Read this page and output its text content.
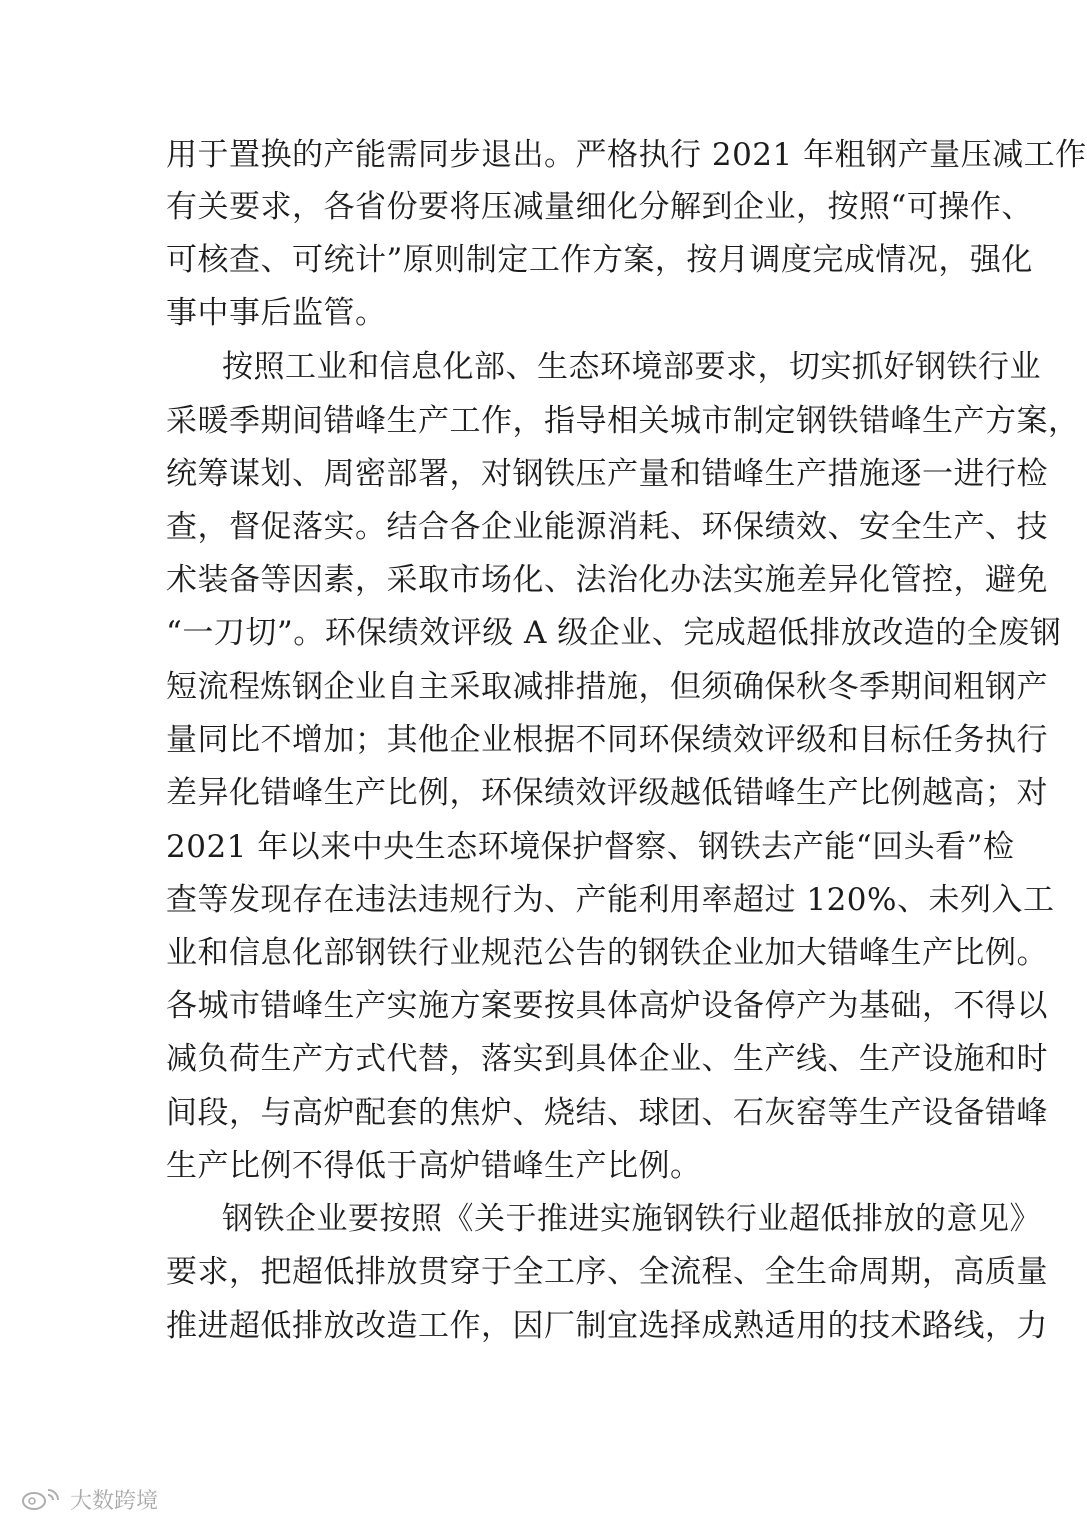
用于置换的产能需同步退出。严格执行 2021 年粗钢产量压减工作
有关要求，各省份要将压减量细化分解到企业，按照“可操作、
可核查、可统计”原则制定工作方案，按月调度完成情况，强化
事中事后监管。
按照工业和信息化部、生态环境部要求，切实抓好钢铁行业
采暖季期间错峰生产工作，指导相关城市制定钢铁错峰生产方案，
统筹谋划、周密部署，对钢铁压产量和错峰生产措施逐一进行检
查，督促落实。结合各企业能源消耗、环保绩效、安全生产、技
术装备等因素，采取市场化、法治化办法实施差异化管控，避免
“一刀切”。环保绩效评级 A 级企业、完成超低排放改造的全废钢
短流程炼钢企业自主采取减排措施，但须确保秋冬季期间粗钢产
量同比不增加；其他企业根据不同环保绩效评级和目标任务执行
差异化错峰生产比例，环保绩效评级越低错峰生产比例越高；对
2021 年以来中央生态环境保护督察、钢铁去产能“回头看”检
查等发现存在违法违规行为、产能利用率超过 120%、未列入工
业和信息化部钢铁行业规范公告的钢铁企业加大错峰生产比例。
各城市错峰生产实施方案要按具体高炉设备停产为基础，不得以
减负荷生产方式代替，落实到具体企业、生产线、生产设施和时
间段，与高炉配套的焦炉、烧结、球团、石灰窑等生产设备错峰
生产比例不得低于高炉错峰生产比例。
钢铁企业要按照《关于推进实施钢铁行业超低排放的意见》
要求，把超低排放贯穿于全工序、全流程、全生命周期，高质量
推进超低排放改造工作，因厂制宜选择成熟适用的技术路线，力
大数跨境
